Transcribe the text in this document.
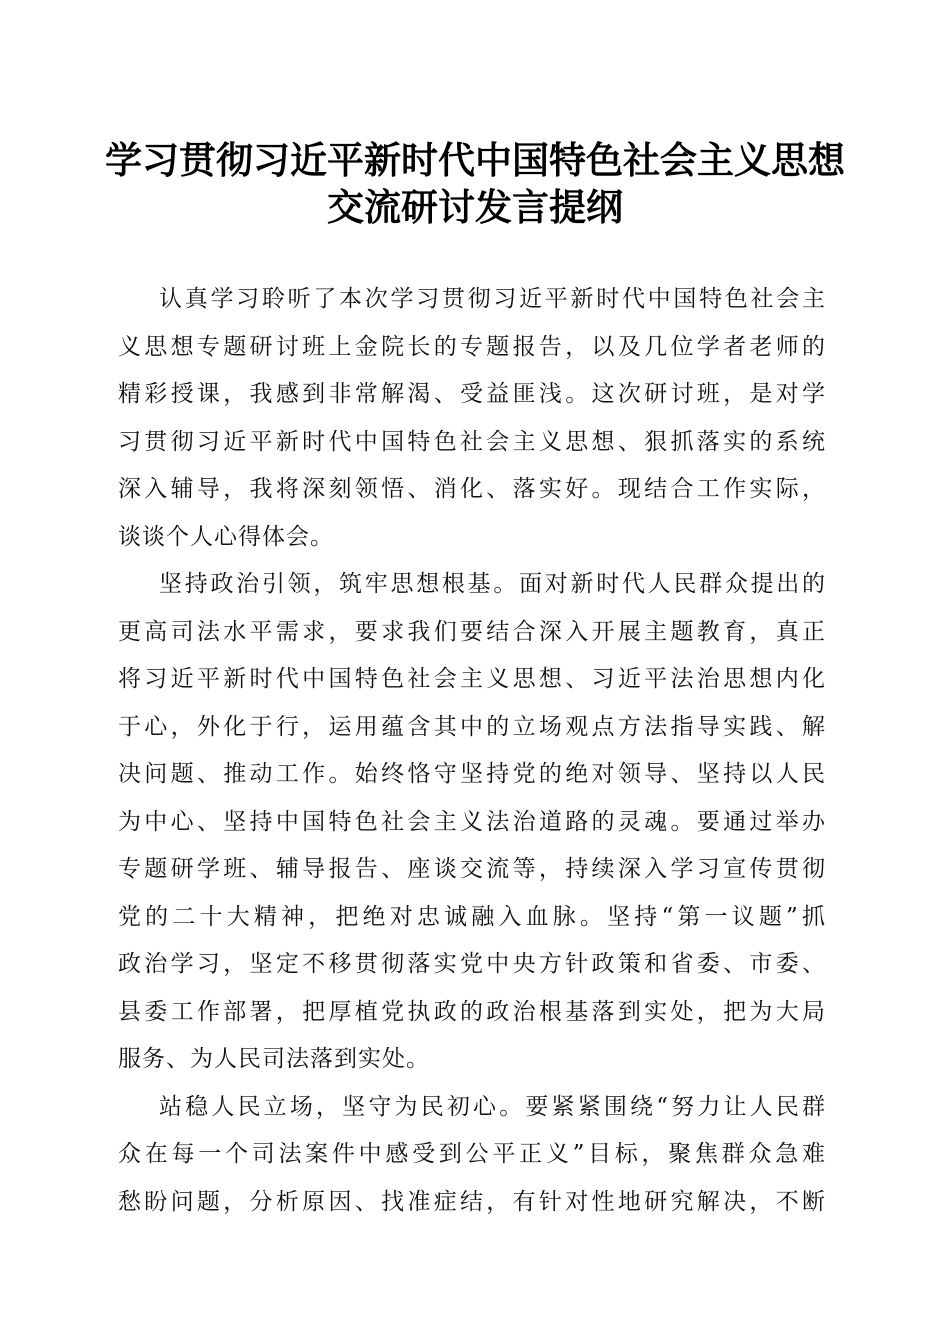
学习贯彻习近平新时代中国特色社会主义思想
交流研讨发言提纲
认真学习聆听了本次学习贯彻习近平新时代中国特色社会主
义思想专题研讨班上金院长的专题报告，以及几位学者老师的
精彩授课，我感到非常解渴、受益匪浅。这次研讨班，是对学
习贯彻习近平新时代中国特色社会主义思想、狠抓落实的系统
深入辅导，我将深刻领悟、消化、落实好。现结合工作实际，
谈谈个人心得体会。
坚持政治引领，筑牢思想根基。面对新时代人民群众提出的
更高司法水平需求，要求我们要结合深入开展主题教育，真正
将习近平新时代中国特色社会主义思想、习近平法治思想内化
于心，外化于行，运用蕴含其中的立场观点方法指导实践、解
决问题、推动工作。始终恪守坚持党的绝对领导、坚持以人民
为中心、坚持中国特色社会主义法治道路的灵魂。要通过举办
专题研学班、辅导报告、座谈交流等，持续深入学习宣传贯彻
党的二十大精神，把绝对忠诚融入血脉。坚持“第一议题”抓
政治学习，坚定不移贯彻落实党中央方针政策和省委、市委、
县委工作部署，把厚植党执政的政治根基落到实处，把为大局
服务、为人民司法落到实处。
站稳人民立场，坚守为民初心。要紧紧围绕“努力让人民群
众在每一个司法案件中感受到公平正义”目标，聚焦群众急难
愁盼问题，分析原因、找准症结，有针对性地研究解决，不断
